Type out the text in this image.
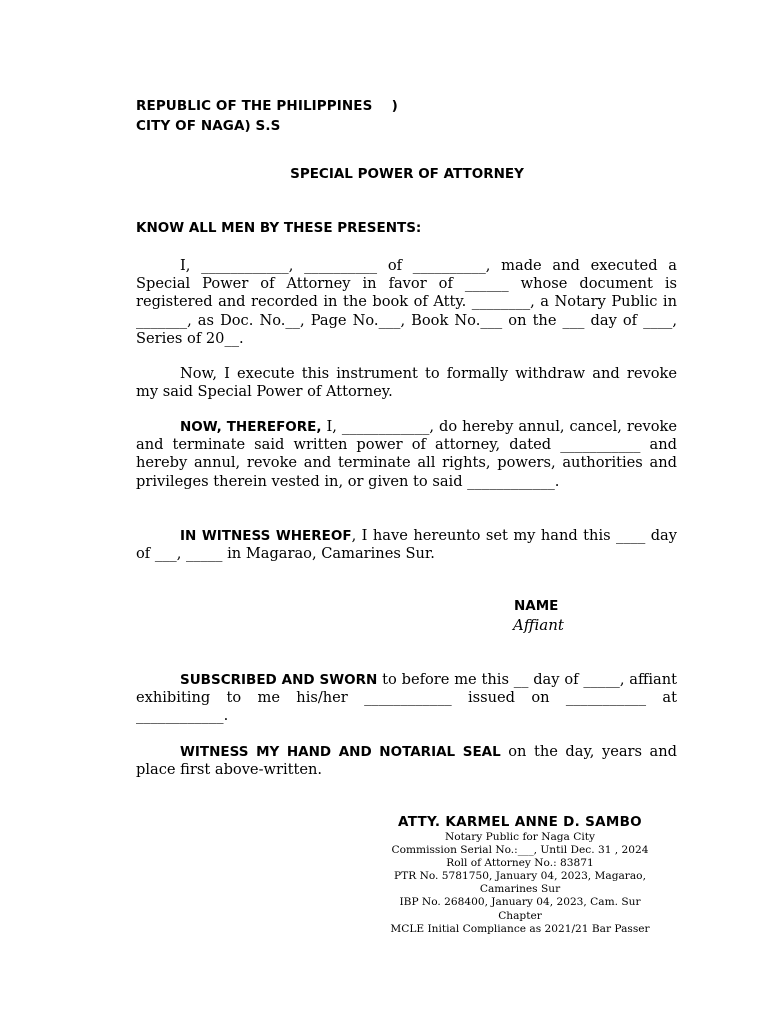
REPUBLIC OF THE PHILIPPINES    )
CITY OF NAGA) S.S
SPECIAL POWER OF ATTORNEY
KNOW ALL MEN BY THESE PRESENTS:
I, ____________, __________ of __________, made and executed a Special Power of Attorney in favor of ______ whose document is registered and recorded in the book of Atty. ________, a Notary Public in _______, as Doc. No.__, Page No.___, Book No.___ on the ___ day of ____, Series of 20__.
Now, I execute this instrument to formally withdraw and revoke my said Special Power of Attorney.
NOW, THEREFORE, I, ____________, do hereby annul, cancel, revoke and terminate said written power of attorney, dated ___________ and hereby annul, revoke and terminate all rights, powers, authorities and privileges therein vested in, or given to said ____________.
IN WITNESS WHEREOF, I have hereunto set my hand this ____ day of ___, _____ in Magarao, Camarines Sur.
NAME
Affiant
SUBSCRIBED AND SWORN to before me this __ day of _____, affiant exhibiting to me his/her ____________ issued on ___________ at ____________.
WITNESS MY HAND AND NOTARIAL SEAL on the day, years and place first above-written.
ATTY. KARMEL ANNE D. SAMBO
Notary Public for Naga City
Commission Serial No.:___, Until Dec. 31 , 2024
Roll of Attorney No.: 83871
PTR No. 5781750, January 04, 2023, Magarao,
Camarines Sur
IBP No. 268400, January 04, 2023, Cam. Sur
Chapter
MCLE Initial Compliance as 2021/21 Bar Passer
